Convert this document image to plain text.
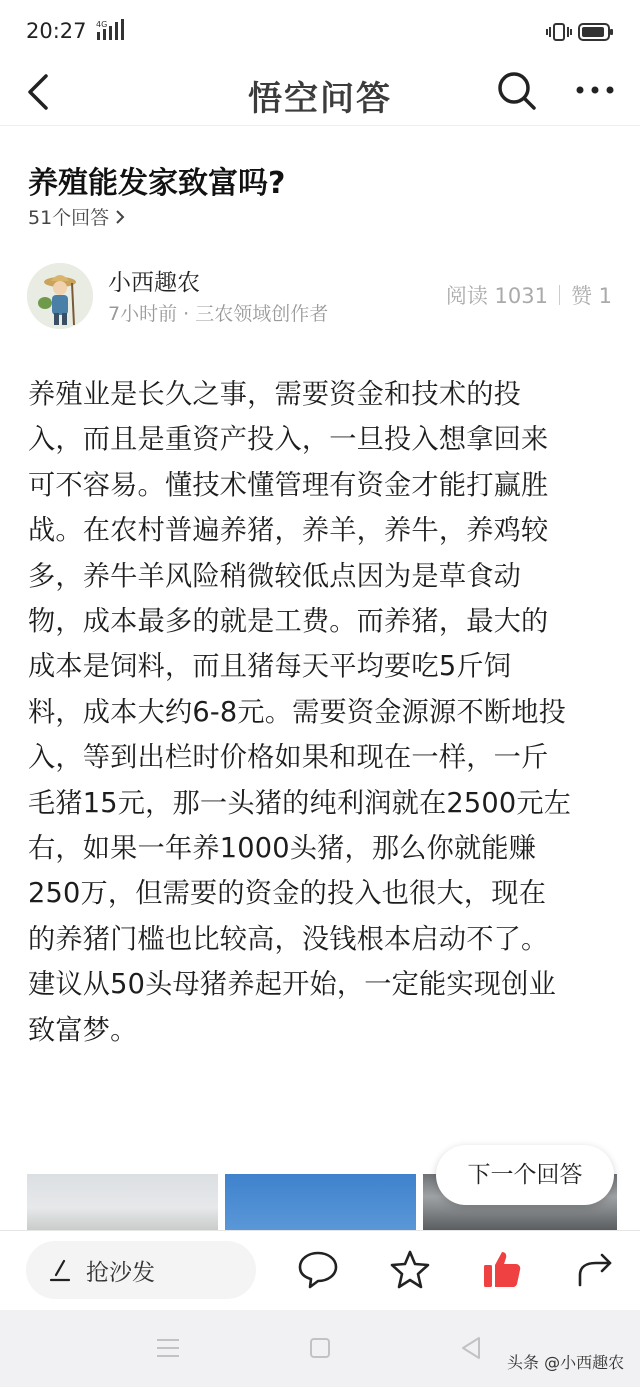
20:27 4G
悟空问答
养殖能发家致富吗?
51个回答
小西趣农
7小时前 · 三农领域创作者
阅读 1031 赞 1
养殖业是长久之事，需要资金和技术的投
入，而且是重资产投入，一旦投入想拿回来
可不容易。懂技术懂管理有资金才能打赢胜
战。在农村普遍养猪，养羊，养牛，养鸡较
多，养牛羊风险稍微较低点因为是草食动
物，成本最多的就是工费。而养猪，最大的
成本是饲料，而且猪每天平均要吃5斤饲
料，成本大约6-8元。需要资金源源不断地投
入，等到出栏时价格如果和现在一样，一斤
毛猪15元，那一头猪的纯利润就在2500元左
右，如果一年养1000头猪，那么你就能赚
250万，但需要的资金的投入也很大，现在
的养猪门槛也比较高，没钱根本启动不了。
建议从50头母猪养起开始，一定能实现创业
致富梦。
下一个回答
抢沙发
头条 @小西趣农
